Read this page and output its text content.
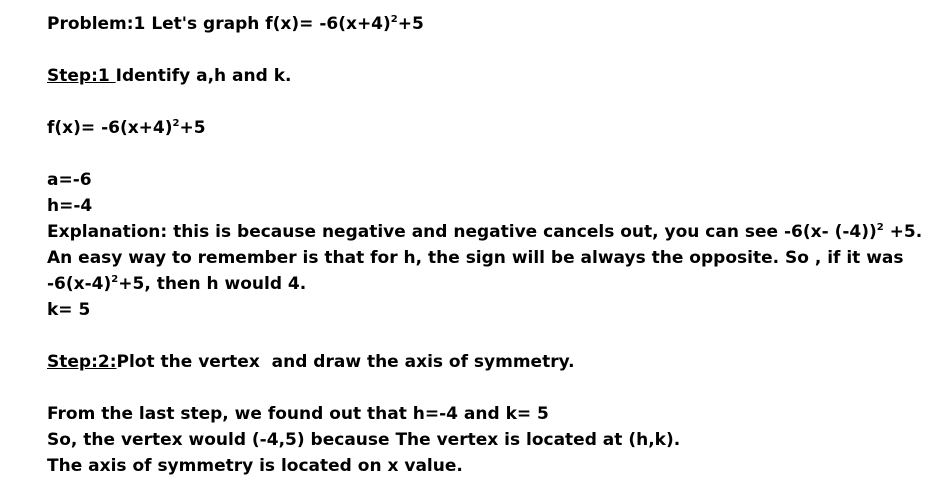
Problem:1 Let's graph $f(x)= -6(x+4)^2+5$
Step:1 Identify a,h and k.
$f(x)= -6(x+4)^2+5$
a=-6
h=-4
Explanation: this is because negative and negative cancels out, you can see -6(x- (-4))$^2$ +5.
An easy way to remember is that for h, the sign will be always the opposite. So , if it was
$-6(x-4)^2+5$, then h would 4.
k= 5
Step:2:Plot the vertex  and draw the axis of symmetry.
From the last step, we found out that h=-4 and k= 5
So, the vertex would (-4,5) because The vertex is located at (h,k).
The axis of symmetry is located on x value.
